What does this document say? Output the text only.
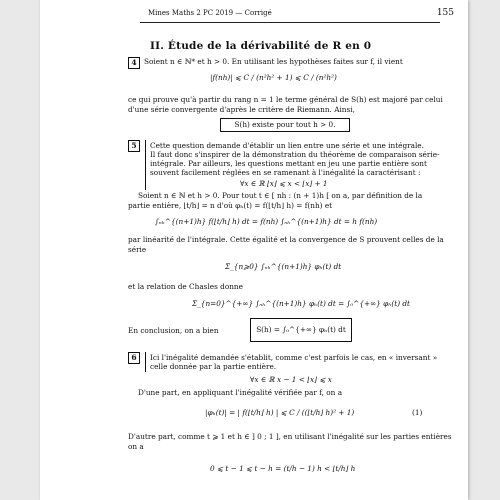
Mines Maths 2 PC 2019 — Corrigé	155
II. Étude de la dérivabilité de R en 0
4	Soient n ∈ ℕ* et h > 0. En utilisant les hypothèses faites sur f, il vient
|f(nh)| ⩽ C / (n²h² + 1) ⩽ C / (n²h²)
ce qui prouve qu'à partir du rang n = 1 le terme général de S(h) est majoré par celui
d'une série convergente d'après le critère de Riemann. Ainsi,
S(h) existe pour tout h > 0.
5	Cette question demande d'établir un lien entre une série et une intégrale.
Il faut donc s'inspirer de la démonstration du théorème de comparaison série-
intégrale. Par ailleurs, les questions mettant en jeu une partie entière sont
souvent facilement réglées en se ramenant à l'inégalité la caractérisant :
∀x ∈ ℝ ⌊x⌋ ⩽ x < ⌊x⌋ + 1
Soient n ∈ ℕ et h > 0. Pour tout t ∈ [ nh : (n + 1)h [ on a, par définition de la
partie entière, ⌊t/h⌋ = n d'où φₕ(t) = f(⌊t/h⌋ h) = f(nh) et
∫ₙₕ^{(n+1)h} f(⌊t/h⌋ h) dt = f(nh) ∫ₙₕ^{(n+1)h} dt = h f(nh)
par linéarité de l'intégrale. Cette égalité et la convergence de S prouvent celles de la
série
Σ_{n⩾0} ∫ₙₕ^{(n+1)h} φₕ(t) dt
et la relation de Chasles donne
Σ_{n=0}^{+∞} ∫ₙₕ^{(n+1)h} φₕ(t) dt = ∫₀^{+∞} φₕ(t) dt
En conclusion, on a bien	S(h) = ∫₀^{+∞} φₕ(t) dt
6	Ici l'inégalité demandée s'établit, comme c'est parfois le cas, en « inversant »
celle donnée par la partie entière.
∀x ∈ ℝ x − 1 < ⌊x⌋ ⩽ x
D'une part, en appliquant l'inégalité vérifiée par f, on a
|φₕ(t)| = | f(⌊t/h⌋ h) | ⩽ C / ((⌊t/h⌋ h)² + 1)	(1)
D'autre part, comme t ⩾ 1 et h ∈ ] 0 ; 1 ], en utilisant l'inégalité sur les parties entières
on a
0 ⩽ t − 1 ⩽ t − h = (t/h − 1) h < ⌊t/h⌋ h
